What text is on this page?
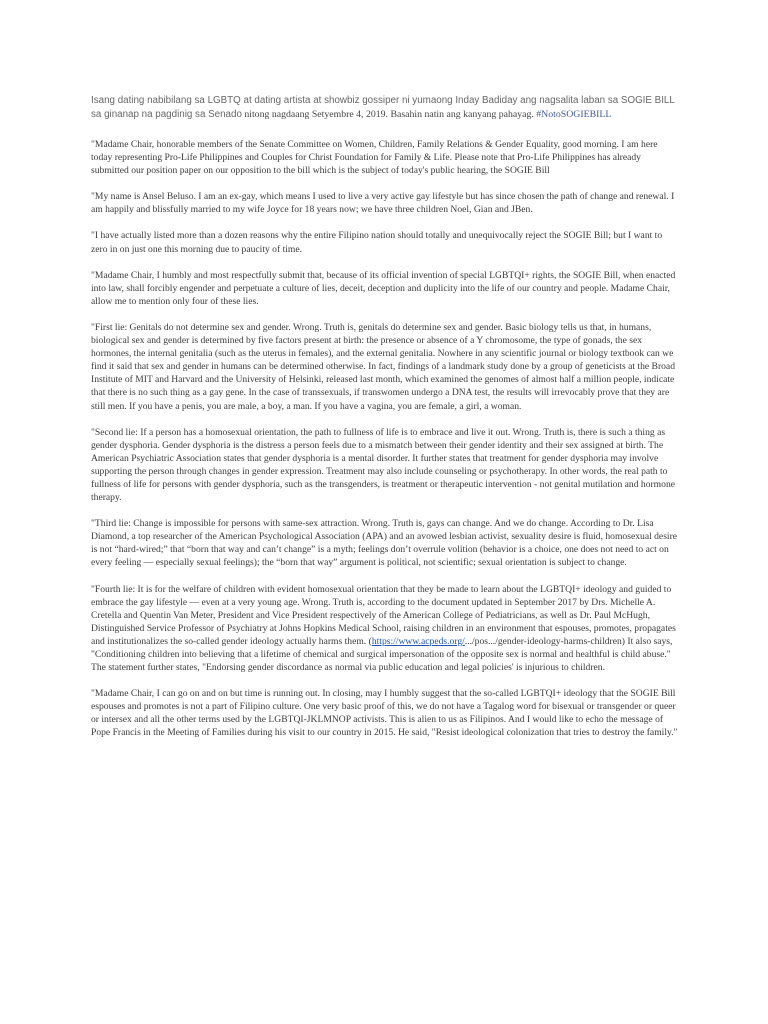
Isang dating nabibilang sa LGBTQ at dating artista at showbiz gossiper ni yumaong Inday Badiday ang nagsalita laban sa SOGIE BILL sa ginanap na pagdinig sa Senado nitong nagdaang Setyembre 4, 2019. Basahin natin ang kanyang pahayag. #NotoSOGIEBILL

"Madame Chair, honorable members of the Senate Committee on Women, Children, Family Relations & Gender Equality, good morning. I am here today representing Pro-Life Philippines and Couples for Christ Foundation for Family & Life. Please note that Pro-Life Philippines has already submitted our position paper on our opposition to the bill which is the subject of today's public hearing, the SOGIE Bill

"My name is Ansel Beluso. I am an ex-gay, which means I used to live a very active gay lifestyle but has since chosen the path of change and renewal. I am happily and blissfully married to my wife Joyce for 18 years now; we have three children Noel, Gian and JBen.

"I have actually listed more than a dozen reasons why the entire Filipino nation should totally and unequivocally reject the SOGIE Bill; but I want to zero in on just one this morning due to paucity of time.

"Madame Chair, I humbly and most respectfully submit that, because of its official invention of special LGBTQI+ rights, the SOGIE Bill, when enacted into law, shall forcibly engender and perpetuate a culture of lies, deceit, deception and duplicity into the life of our country and people. Madame Chair, allow me to mention only four of these lies.

"First lie: Genitals do not determine sex and gender. Wrong. Truth is, genitals do determine sex and gender. Basic biology tells us that, in humans, biological sex and gender is determined by five factors present at birth: the presence or absence of a Y chromosome, the type of gonads, the sex hormones, the internal genitalia (such as the uterus in females), and the external genitalia. Nowhere in any scientific journal or biology textbook can we find it said that sex and gender in humans can be determined otherwise. In fact, findings of a landmark study done by a group of geneticists at the Broad Institute of MIT and Harvard and the University of Helsinki, released last month, which examined the genomes of almost half a million people, indicate that there is no such thing as a gay gene. In the case of transsexuals, if transwomen undergo a DNA test, the results will irrevocably prove that they are still men. If you have a penis, you are male, a boy, a man. If you have a vagina, you are female, a girl, a woman.

"Second lie: If a person has a homosexual orientation, the path to fullness of life is to embrace and live it out. Wrong. Truth is, there is such a thing as gender dysphoria. Gender dysphoria is the distress a person feels due to a mismatch between their gender identity and their sex assigned at birth. The American Psychiatric Association states that gender dysphoria is a mental disorder. It further states that treatment for gender dysphoria may involve supporting the person through changes in gender expression. Treatment may also include counseling or psychotherapy. In other words, the real path to fullness of life for persons with gender dysphoria, such as the transgenders, is treatment or therapeutic intervention - not genital mutilation and hormone therapy.

"Third lie: Change is impossible for persons with same-sex attraction. Wrong. Truth is, gays can change. And we do change. According to Dr. Lisa Diamond, a top researcher of the American Psychological Association (APA) and an avowed lesbian activist, sexuality desire is fluid, homosexual desire is not “hard-wired;” that “born that way and can’t change” is a myth; feelings don’t overrule volition (behavior is a choice, one does not need to act on every feeling — especially sexual feelings); the “born that way” argument is political, not scientific; sexual orientation is subject to change.

"Fourth lie: It is for the welfare of children with evident homosexual orientation that they be made to learn about the LGBTQI+ ideology and guided to embrace the gay lifestyle — even at a very young age. Wrong. Truth is, according to the document updated in September 2017 by Drs. Michelle A. Cretella and Quentin Van Meter, President and Vice President respectively of the American College of Pediatricians, as well as Dr. Paul McHugh, Distinguished Service Professor of Psychiatry at Johns Hopkins Medical School, raising children in an environment that espouses, promotes, propagates and institutionalizes the so-called gender ideology actually harms them. (https://www.acpeds.org/.../pos.../gender-ideology-harms-children) It also says, "Conditioning children into believing that a lifetime of chemical and surgical impersonation of the opposite sex is normal and healthful is child abuse." The statement further states, "Endorsing gender discordance as normal via public education and legal policies' is injurious to children.

"Madame Chair, I can go on and on but time is running out. In closing, may I humbly suggest that the so-called LGBTQI+ ideology that the SOGIE Bill espouses and promotes is not a part of Filipino culture. One very basic proof of this, we do not have a Tagalog word for bisexual or transgender or queer or intersex and all the other terms used by the LGBTQI-JKLMNOP activists. This is alien to us as Filipinos. And I would like to echo the message of Pope Francis in the Meeting of Families during his visit to our country in 2015. He said, "Resist ideological colonization that tries to destroy the family."
